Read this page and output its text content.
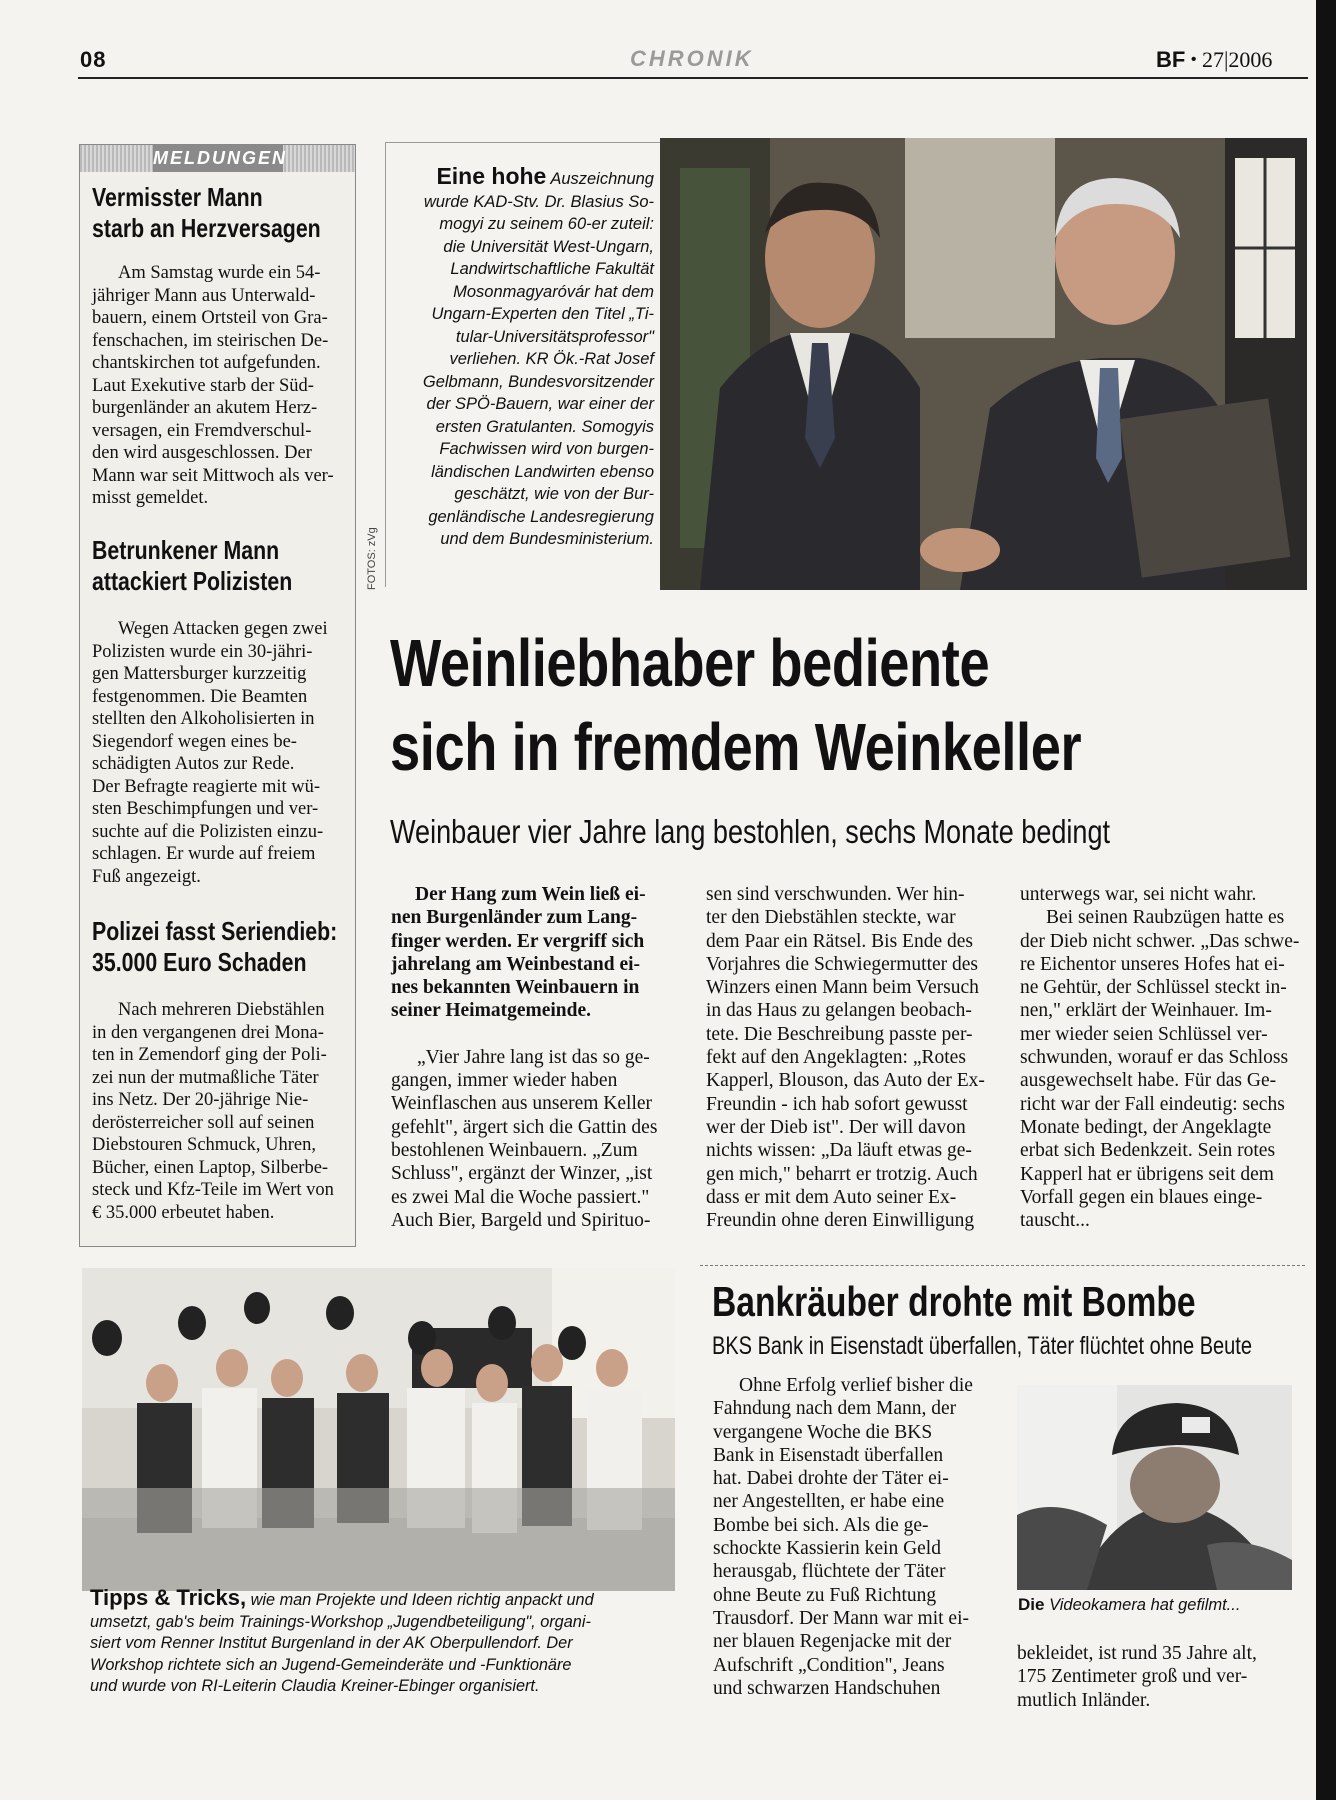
08	CHRONIK	BF • 27|2006
MELDUNGEN
Vermisster Mann
starb an Herzversagen
Am Samstag wurde ein 54-
jähriger Mann aus Unterwald-
bauern, einem Ortsteil von Gra-
fenschachen, im steirischen De-
chantskirchen tot aufgefunden.
Laut Exekutive starb der Süd-
burgenländer an akutem Herz-
versagen, ein Fremdverschul-
den wird ausgeschlossen. Der
Mann war seit Mittwoch als ver-
misst gemeldet.
Betrunkener Mann
attackiert Polizisten
Wegen Attacken gegen zwei
Polizisten wurde ein 30-jähri-
gen Mattersburger kurzzeitig
festgenommen. Die Beamten
stellten den Alkoholisierten in
Siegendorf wegen eines be-
schädigten Autos zur Rede.
Der Befragte reagierte mit wü-
sten Beschimpfungen und ver-
suchte auf die Polizisten einzu-
schlagen. Er wurde auf freiem
Fuß angezeigt.
Polizei fasst Seriendieb:
35.000 Euro Schaden
Nach mehreren Diebstählen
in den vergangenen drei Mona-
ten in Zemendorf ging der Poli-
zei nun der mutmaßliche Täter
ins Netz. Der 20-jährige Nie-
derösterreicher soll auf seinen
Diebstouren Schmuck, Uhren,
Bücher, einen Laptop, Silberbe-
steck und Kfz-Teile im Wert von
€ 35.000 erbeutet haben.
Eine hohe Auszeichnung
wurde KAD-Stv. Dr. Blasius So-
mogyi zu seinem 60-er zuteil:
die Universität West-Ungarn,
Landwirtschaftliche Fakultät
Mosonmagyaróvár hat dem
Ungarn-Experten den Titel „Ti-
tular-Universitätsprofessor"
verliehen. KR Ök.-Rat Josef
Gelbmann, Bundesvorsitzender
der SPÖ-Bauern, war einer der
ersten Gratulanten. Somogyis
Fachwissen wird von burgen-
ländischen Landwirten ebenso
geschätzt, wie von der Bur-
genländische Landesregierung
und dem Bundesministerium.
FOTOS: zVg
Weinliebhaber bediente
sich in fremdem Weinkeller
Weinbauer vier Jahre lang bestohlen, sechs Monate bedingt
Der Hang zum Wein ließ ei-
nen Burgenländer zum Lang-
finger werden. Er vergriff sich
jahrelang am Weinbestand ei-
nes bekannten Weinbauern in
seiner Heimatgemeinde.
„Vier Jahre lang ist das so ge-
gangen, immer wieder haben
Weinflaschen aus unserem Keller
gefehlt", ärgert sich die Gattin des
bestohlenen Weinbauern. „Zum
Schluss", ergänzt der Winzer, „ist
es zwei Mal die Woche passiert."
Auch Bier, Bargeld und Spirituo-
sen sind verschwunden. Wer hin-
ter den Diebstählen steckte, war
dem Paar ein Rätsel. Bis Ende des
Vorjahres die Schwiegermutter des
Winzers einen Mann beim Versuch
in das Haus zu gelangen beobach-
tete. Die Beschreibung passte per-
fekt auf den Angeklagten: „Rotes
Kapperl, Blouson, das Auto der Ex-
Freundin - ich hab sofort gewusst
wer der Dieb ist". Der will davon
nichts wissen: „Da läuft etwas ge-
gen mich," beharrt er trotzig. Auch
dass er mit dem Auto seiner Ex-
Freundin ohne deren Einwilligung
unterwegs war, sei nicht wahr.
Bei seinen Raubzügen hatte es
der Dieb nicht schwer. „Das schwe-
re Eichentor unseres Hofes hat ei-
ne Gehtür, der Schlüssel steckt in-
nen," erklärt der Weinhauer. Im-
mer wieder seien Schlüssel ver-
schwunden, worauf er das Schloss
ausgewechselt habe. Für das Ge-
richt war der Fall eindeutig: sechs
Monate bedingt, der Angeklagte
erbat sich Bedenkzeit. Sein rotes
Kapperl hat er übrigens seit dem
Vorfall gegen ein blaues einge-
tauscht...
Tipps & Tricks, wie man Projekte und Ideen richtig anpackt und
umsetzt, gab's beim Trainings-Workshop „Jugendbeteiligung", organi-
siert vom Renner Institut Burgenland in der AK Oberpullendorf. Der
Workshop richtete sich an Jugend-Gemeinderäte und -Funktionäre
und wurde von RI-Leiterin Claudia Kreiner-Ebinger organisiert.
Bankräuber drohte mit Bombe
BKS Bank in Eisenstadt überfallen, Täter flüchtet ohne Beute
Ohne Erfolg verlief bisher die
Fahndung nach dem Mann, der
vergangene Woche die BKS
Bank in Eisenstadt überfallen
hat. Dabei drohte der Täter ei-
ner Angestellten, er habe eine
Bombe bei sich. Als die ge-
schockte Kassierin kein Geld
herausgab, flüchtete der Täter
ohne Beute zu Fuß Richtung
Trausdorf. Der Mann war mit ei-
ner blauen Regenjacke mit der
Aufschrift „Condition", Jeans
und schwarzen Handschuhen
Die Videokamera hat gefilmt...
bekleidet, ist rund 35 Jahre alt,
175 Zentimeter groß und ver-
mutlich Inländer.
